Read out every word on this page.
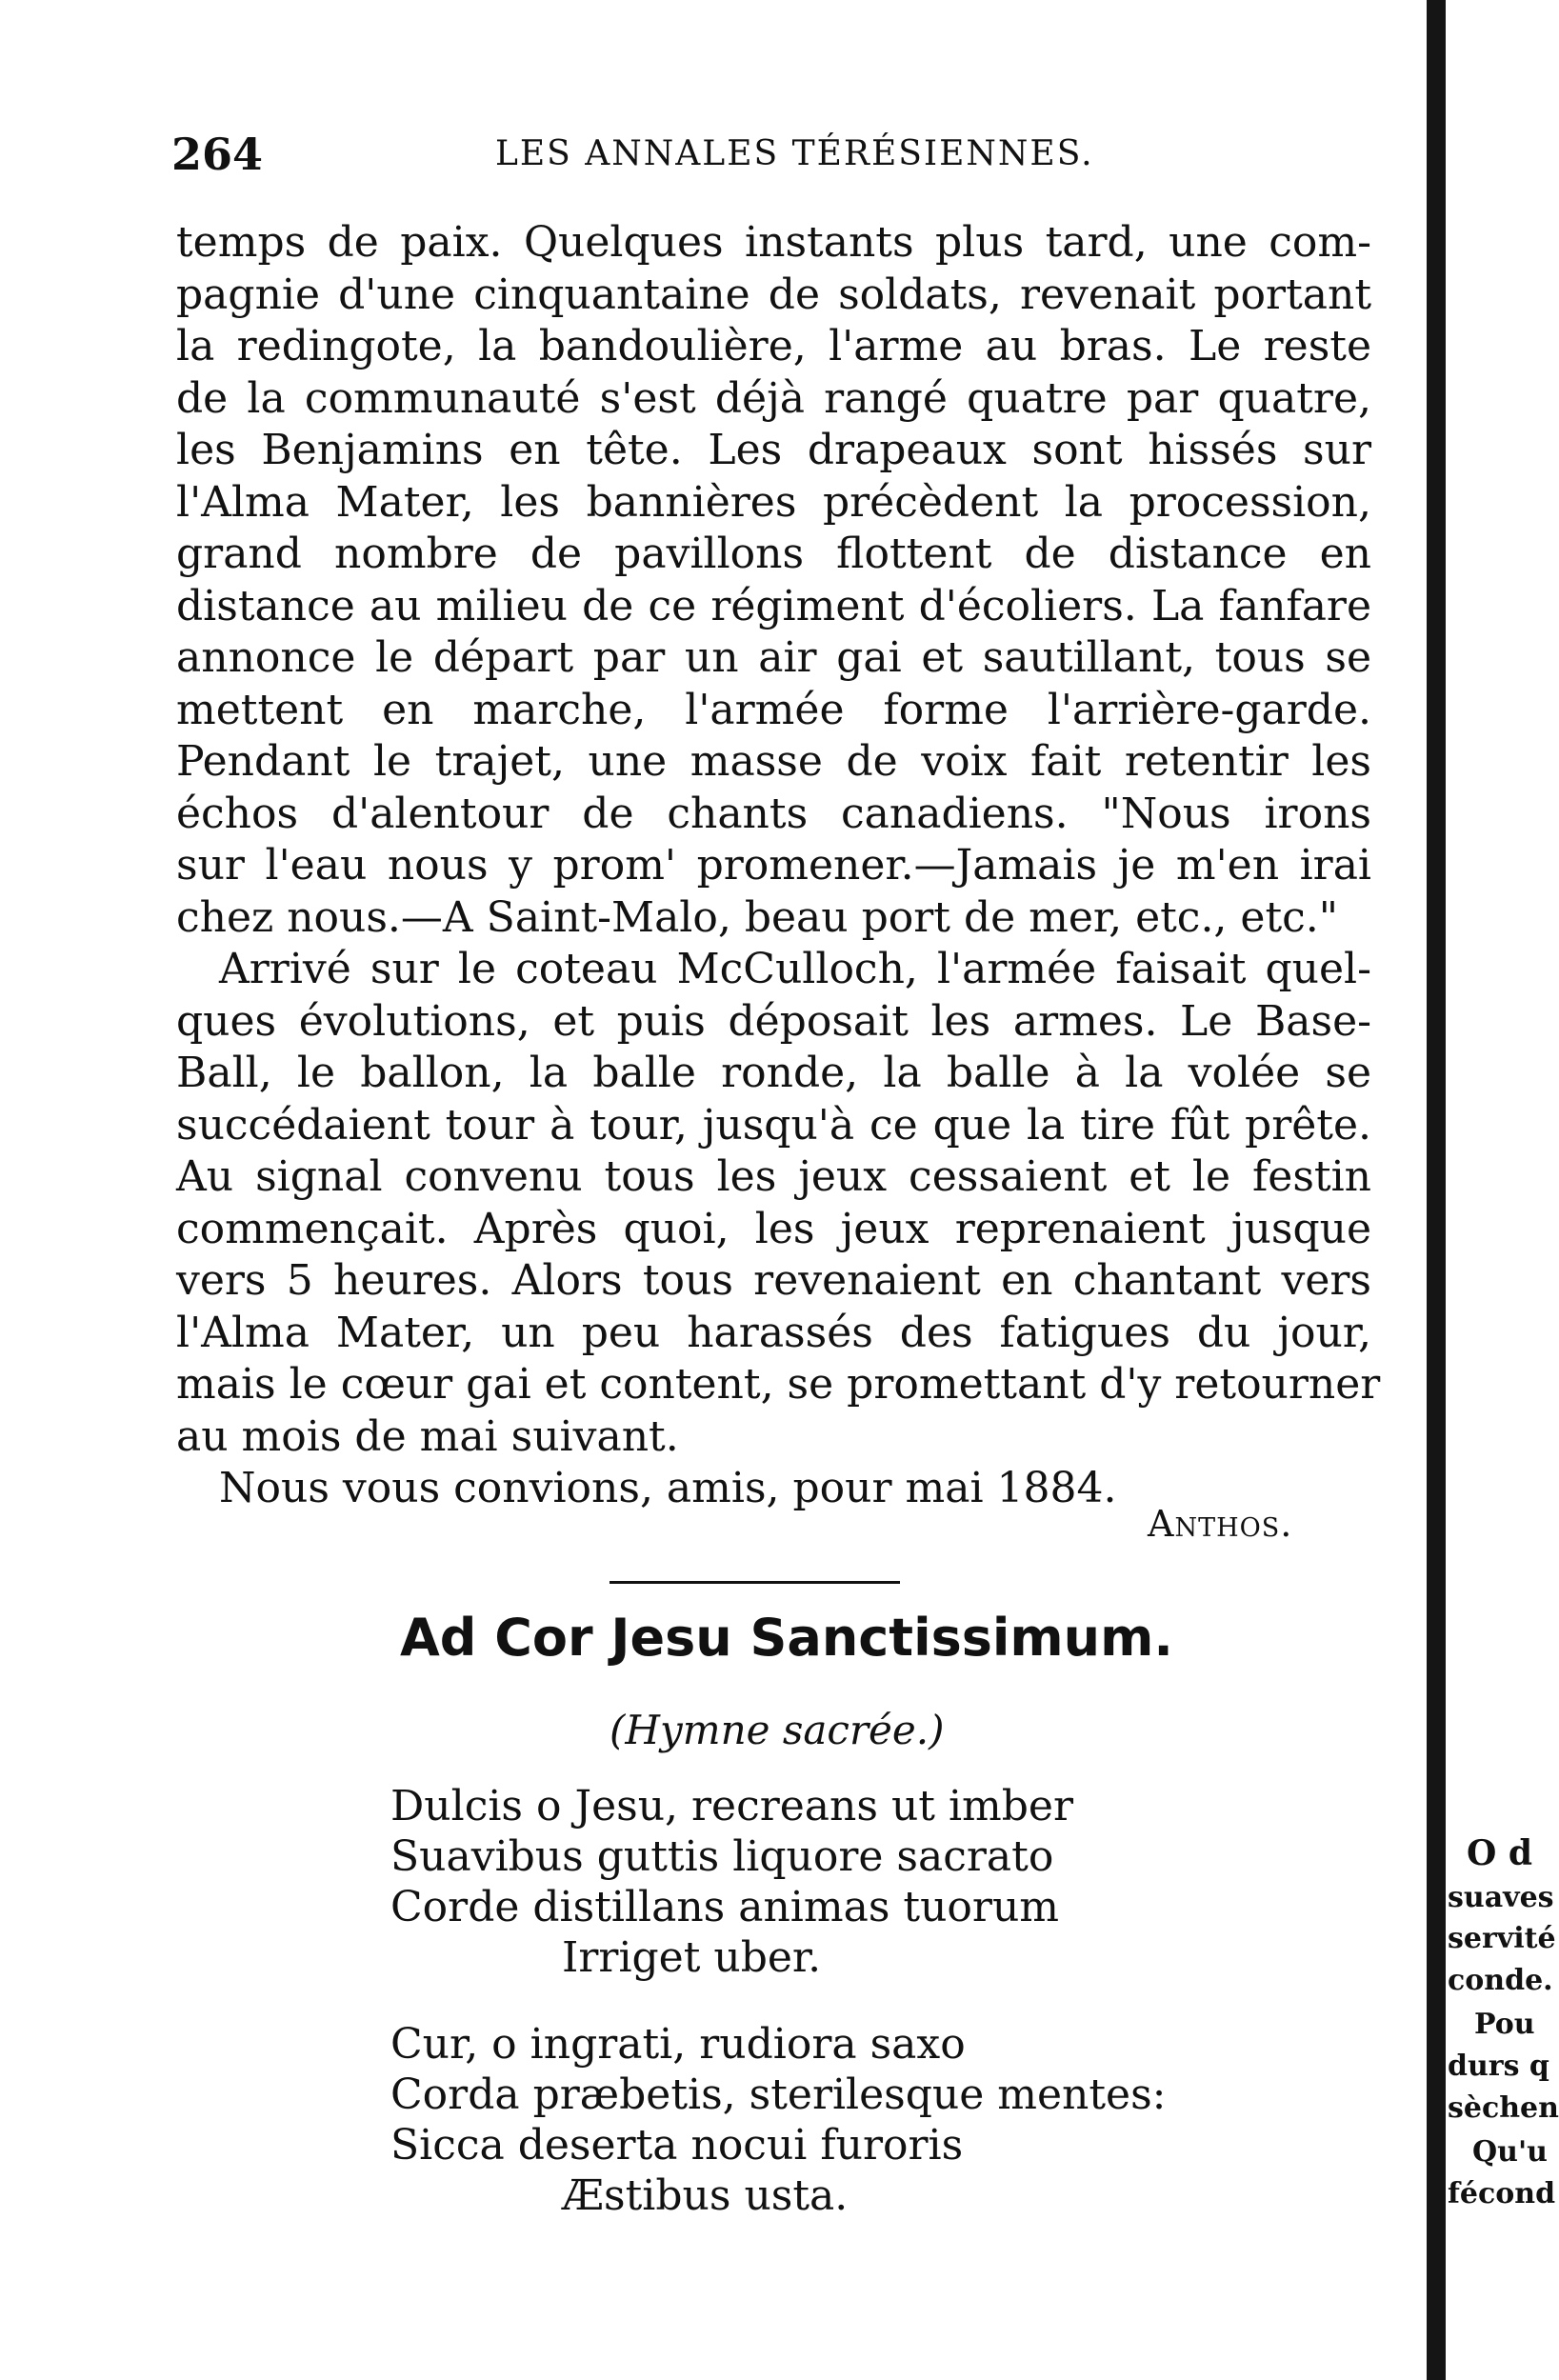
264	LES ANNALES TÉRÉSIENNES.
temps de paix. Quelques instants plus tard, une com-
pagnie d'une cinquantaine de soldats, revenait portant
la redingote, la bandoulière, l'arme au bras. Le reste
de la communauté s'est déjà rangé quatre par quatre,
les Benjamins en tête. Les drapeaux sont hissés sur
l'Alma Mater, les bannières précèdent la procession,
grand nombre de pavillons flottent de distance en
distance au milieu de ce régiment d'écoliers. La fanfare
annonce le départ par un air gai et sautillant, tous se
mettent en marche, l'armée forme l'arrière-garde.
Pendant le trajet, une masse de voix fait retentir les
échos d'alentour de chants canadiens. "Nous irons
sur l'eau nous y prom' promener.—Jamais je m'en irai
chez nous.—A Saint-Malo, beau port de mer, etc., etc."
Arrivé sur le coteau McCulloch, l'armée faisait quel-
ques évolutions, et puis déposait les armes. Le Base-
Ball, le ballon, la balle ronde, la balle à la volée se
succédaient tour à tour, jusqu'à ce que la tire fût prête.
Au signal convenu tous les jeux cessaient et le festin
commençait. Après quoi, les jeux reprenaient jusque
vers 5 heures. Alors tous revenaient en chantant vers
l'Alma Mater, un peu harassés des fatigues du jour,
mais le cœur gai et content, se promettant d'y retourner
au mois de mai suivant.
Nous vous convions, amis, pour mai 1884.
Anthos.
Ad Cor Jesu Sanctissimum.
(Hymne sacrée.)
Dulcis o Jesu, recreans ut imber
Suavibus guttis liquore sacrato
Corde distillans animas tuorum
Irriget uber.
Cur, o ingrati, rudiora saxo
Corda præbetis, sterilesque mentes:
Sicca deserta nocui furoris
Æstibus usta.
O d
suaves
servité
conde.
Pou
durs q
sèchen
Qu'u
fécond
